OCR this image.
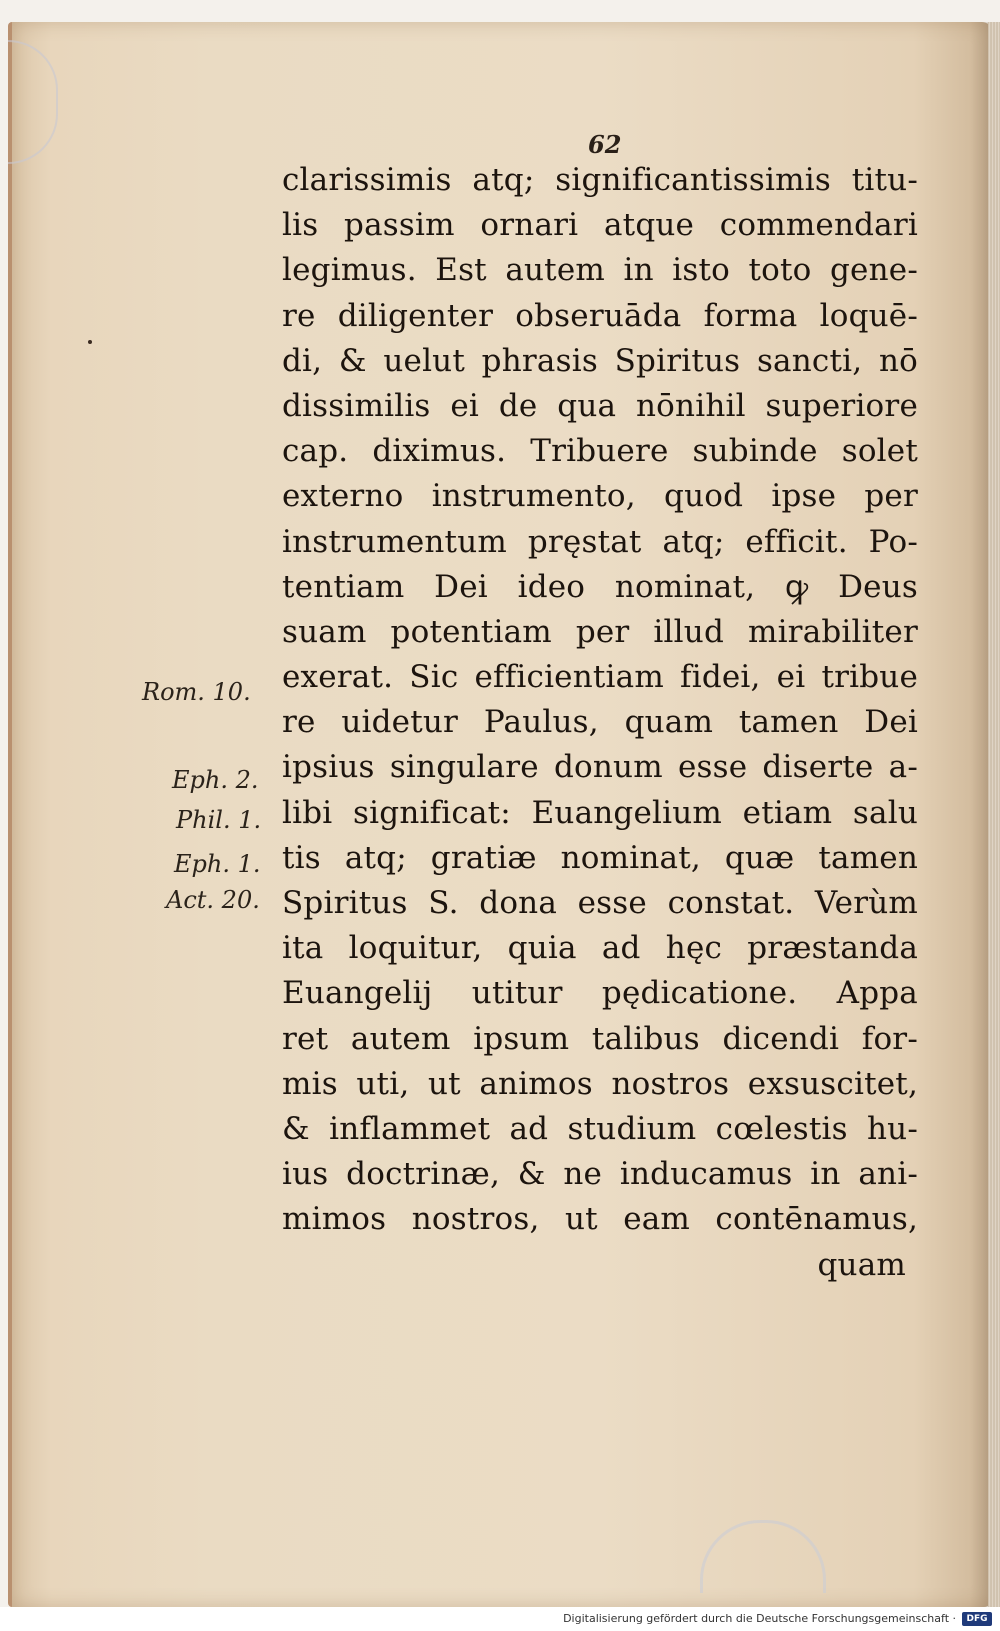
62

Rom. 10.

Eph. 2.

Phil. 1.

Eph. 1.

Act. 20.

clarissimis atq; significantissimis titu-
lis passim ornari atque commendari
legimus. Est autem in isto toto gene-
re diligenter obseruāda forma loquē-
di, & uelut phrasis Spiritus sancti, nō
dissimilis ei de qua nōnihil superiore
cap. diximus. Tribuere subinde solet
externo instrumento, quod ipse per
instrumentum pręstat atq; efficit. Po-
tentiam Dei ideo nominat, ꝙ Deus
suam potentiam per illud mirabiliter
exerat. Sic efficientiam fidei, ei tribue
re uidetur Paulus, quam tamen Dei
ipsius singulare donum esse diserte a-
libi significat: Euangelium etiam salu
tis atq; gratiæ nominat, quæ tamen
Spiritus S. dona esse constat. Verùm
ita loquitur, quia ad hęc præstanda
Euangelij utitur pędicatione. Appa
ret autem ipsum talibus dicendi for-
mis uti, ut animos nostros exsuscitet,
& inflammet ad studium cœlestis hu-
ius doctrinæ, & ne inducamus in ani-
mimos nostros, ut eam contēnamus,
quam

Digitalisierung gefördert durch die Deutsche Forschungsgemeinschaft ·	DFG
